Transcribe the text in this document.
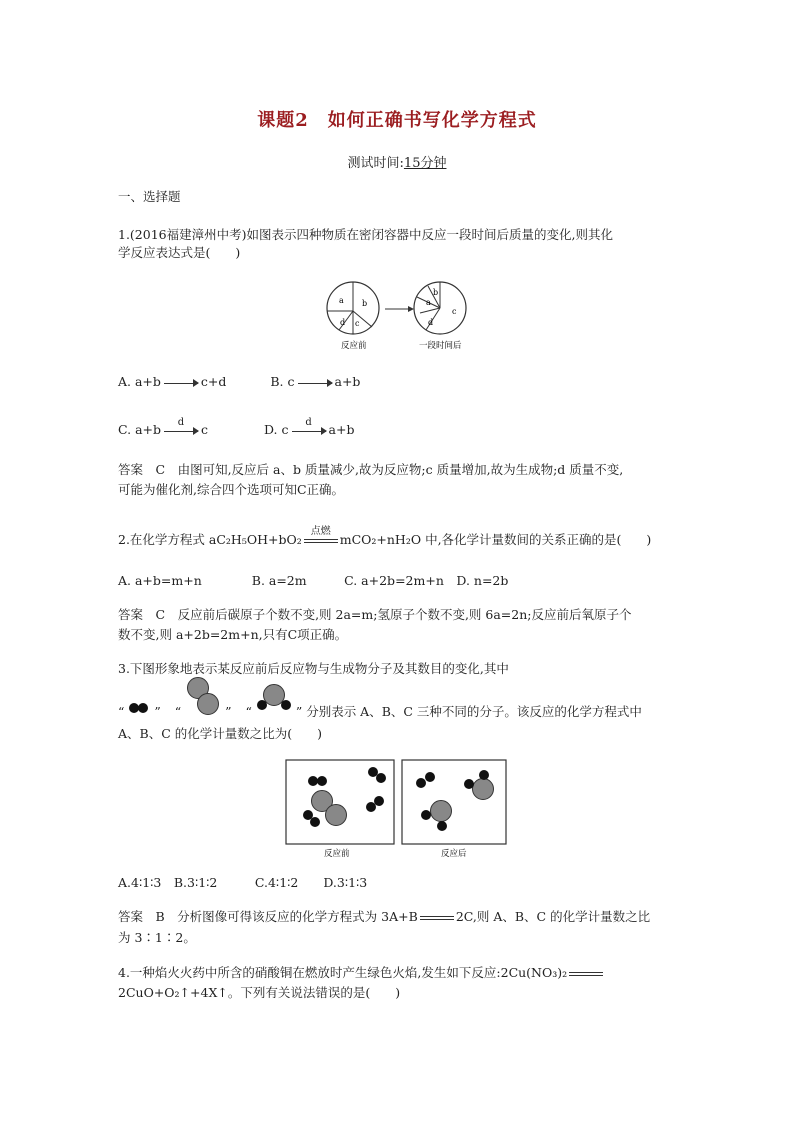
课题2　如何正确书写化学方程式
测试时间:15分钟
一、选择题
1.(2016福建漳州中考)如图表示四种物质在密闭容器中反应一段时间后质量的变化,则其化
学反应表达式是(　　)
a b
c
d
a
b
c
d
反应前	一段时间后
A. a+b	c+d	B. c	a+b
C. a+b	d	c	D. c	d	a+b
答案　C　由图可知,反应后 a、b 质量减少,故为反应物;c 质量增加,故为生成物;d 质量不变,
可能为催化剂,综合四个选项可知C正确。
2.在化学方程式 aC₂H₅OH+bO₂
点燃
mCO₂+nH₂O 中,各化学计量数间的关系正确的是(　　)
A. a+b=m+n　　　　B. a=2m　　　C. a+2b=2m+n　D. n=2b
答案　C　反应前后碳原子个数不变,则 2a=m;氢原子个数不变,则 6a=2n;反应前后氧原子个
数不变,则 a+2b=2m+n,只有C项正确。
3.下图形象地表示某反应前后反应物与生成物分子及其数目的变化,其中
“ ” “	” “	” 分别表示 A、B、C 三种不同的分子。该反应的化学方程式中
A、B、C 的化学计量数之比为(　　)
反应前	反应后
A.4∶1∶3　B.3∶1∶2　　　C.4∶1∶2　　D.3∶1∶3
答案　B　分析图像可得该反应的化学方程式为 3A+B	2C,则 A、B、C 的化学计量数之比
为 3∶1∶2。
4.一种焰火火药中所含的硝酸铜在燃放时产生绿色火焰,发生如下反应:2Cu(NO₃)₂
2CuO+O₂↑+4X↑。下列有关说法错误的是(　　)
